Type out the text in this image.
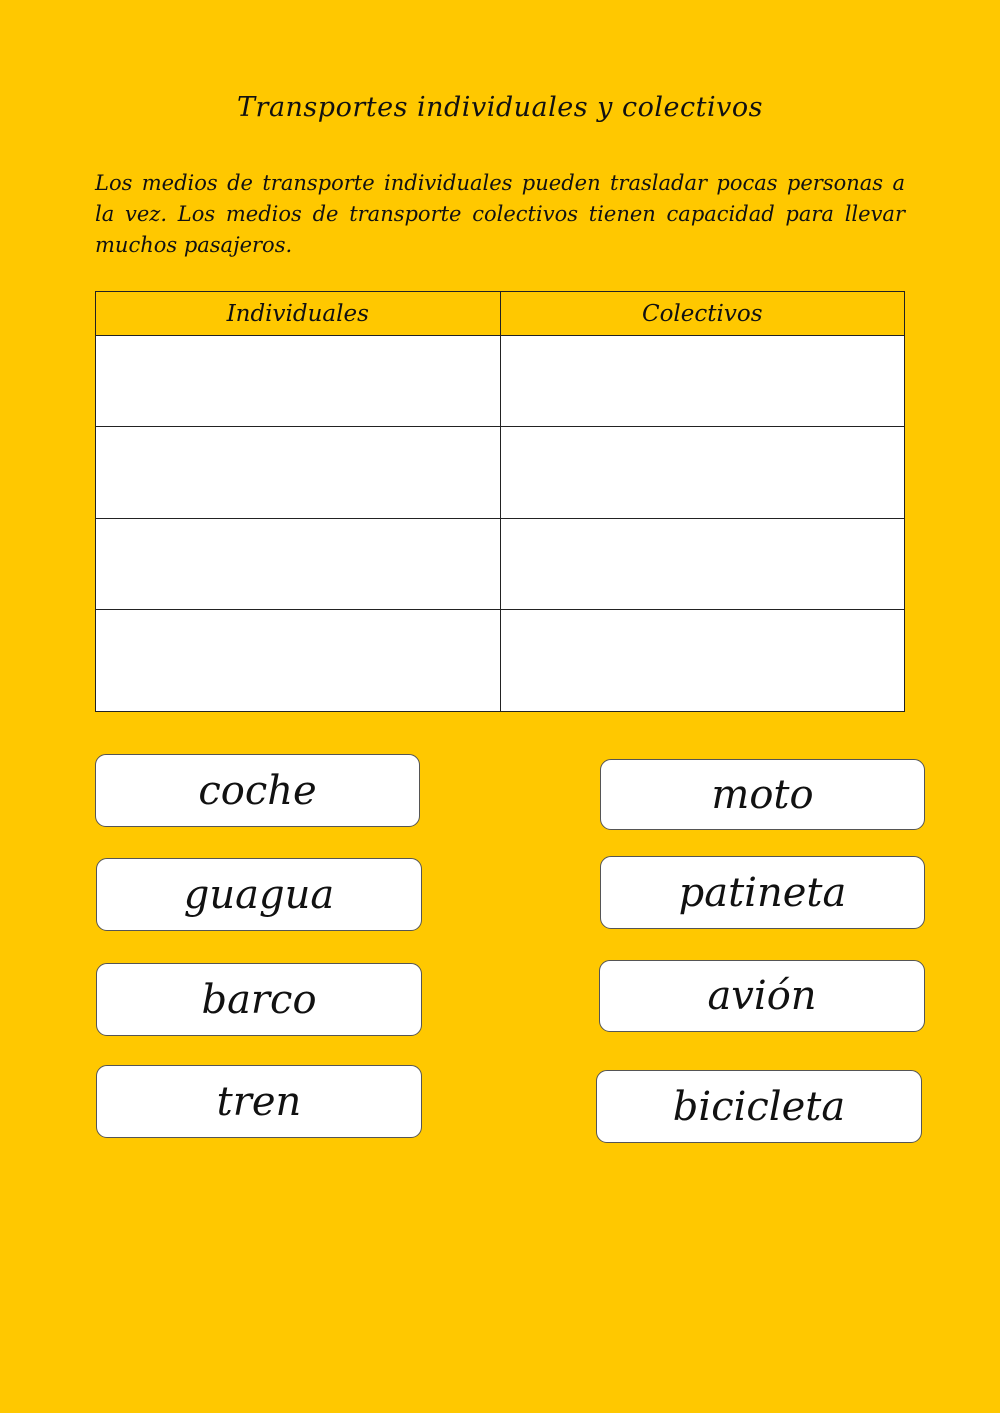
Transportes individuales y colectivos
Los medios de transporte individuales pueden trasladar pocas personas a la vez. Los medios de transporte colectivos tienen capacidad para llevar muchos pasajeros.
Individuales	Colectivos

coche	moto
guagua	patineta
barco	avión
tren	bicicleta
